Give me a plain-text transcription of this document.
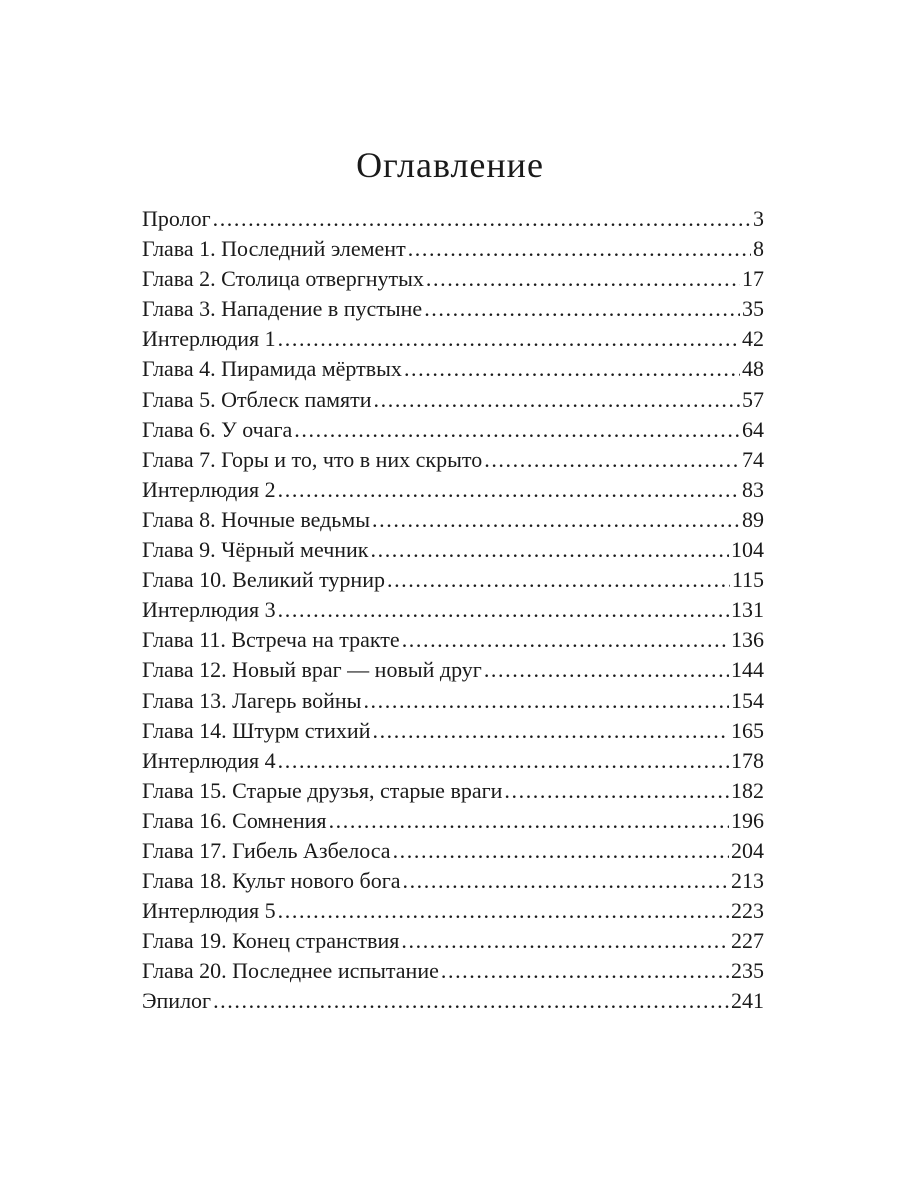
Оглавление
Пролог .....	3
Глава 1. Последний элемент .....	8
Глава 2. Столица отвергнутых .....	17
Глава 3. Нападение в пустыне .....	35
Интерлюдия 1 .....	42
Глава 4. Пирамида мёртвых .....	48
Глава 5. Отблеск памяти .....	57
Глава 6. У очага .....	64
Глава 7. Горы и то, что в них скрыто .....	74
Интерлюдия 2 .....	83
Глава 8. Ночные ведьмы .....	89
Глава 9. Чёрный мечник .....	104
Глава 10. Великий турнир .....	115
Интерлюдия 3 .....	131
Глава 11. Встреча на тракте .....	136
Глава 12. Новый враг — новый друг .....	144
Глава 13. Лагерь войны .....	154
Глава 14. Штурм стихий .....	165
Интерлюдия 4 .....	178
Глава 15. Старые друзья, старые враги .....	182
Глава 16. Сомнения .....	196
Глава 17. Гибель Азбелоса .....	204
Глава 18. Культ нового бога .....	213
Интерлюдия 5 .....	223
Глава 19. Конец странствия .....	227
Глава 20. Последнее испытание .....	235
Эпилог .....	241
